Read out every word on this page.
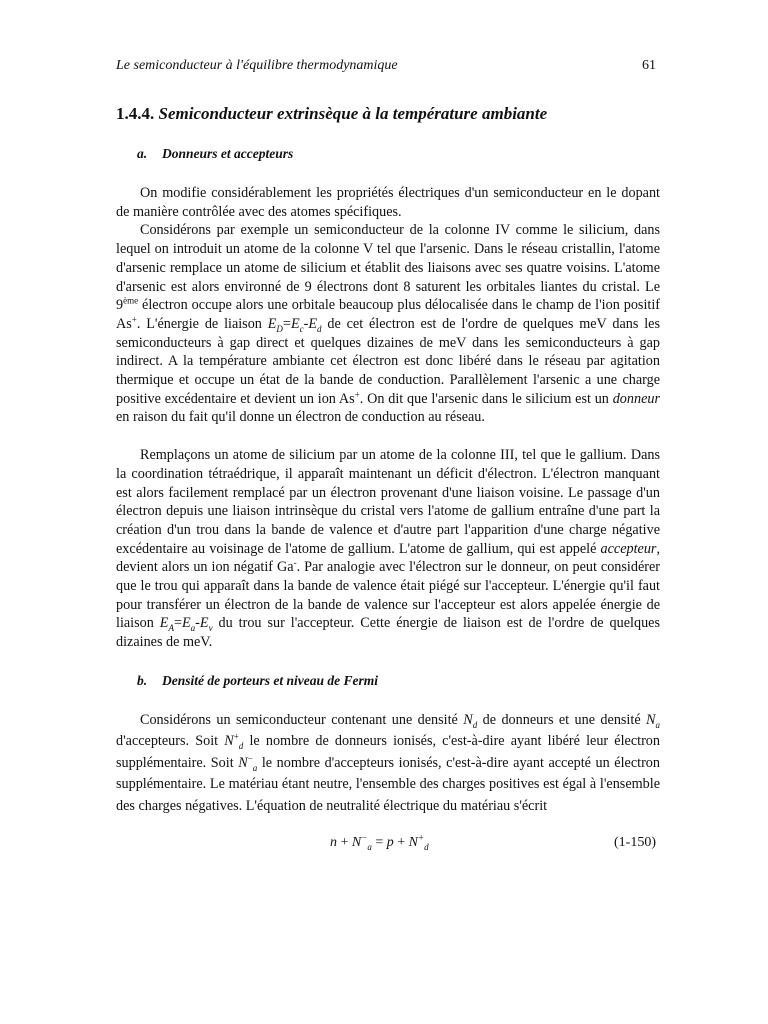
Le semiconducteur à l'équilibre thermodynamique	61
1.4.4. Semiconducteur extrinsèque à la température ambiante
a. Donneurs et accepteurs

On modifie considérablement les propriétés électriques d'un semiconducteur en le dopant de manière contrôlée avec des atomes spécifiques.

Considérons par exemple un semiconducteur de la colonne IV comme le silicium, dans lequel on introduit un atome de la colonne V tel que l'arsenic. Dans le réseau cristallin, l'atome d'arsenic remplace un atome de silicium et établit des liaisons avec ses quatre voisins. L'atome d'arsenic est alors environné de 9 électrons dont 8 saturent les orbitales liantes du cristal. Le 9ème électron occupe alors une orbitale beaucoup plus délocalisée dans le champ de l'ion positif As+. L'énergie de liaison $E_D=E_c-E_d$ de cet électron est de l'ordre de quelques meV dans les semiconducteurs à gap direct et quelques dizaines de meV dans les semiconducteurs à gap indirect. A la température ambiante cet électron est donc libéré dans le réseau par agitation thermique et occupe un état de la bande de conduction. Parallèlement l'arsenic a une charge positive excédentaire et devient un ion As+. On dit que l'arsenic dans le silicium est un donneur en raison du fait qu'il donne un électron de conduction au réseau.

Remplaçons un atome de silicium par un atome de la colonne III, tel que le gallium. Dans la coordination tétraédrique, il apparaît maintenant un déficit d'électron. L'électron manquant est alors facilement remplacé par un électron provenant d'une liaison voisine. Le passage d'un électron depuis une liaison intrinsèque du cristal vers l'atome de gallium entraîne d'une part la création d'un trou dans la bande de valence et d'autre part l'apparition d'une charge négative excédentaire au voisinage de l'atome de gallium. L'atome de gallium, qui est appelé accepteur, devient alors un ion négatif Ga-. Par analogie avec l'électron sur le donneur, on peut considérer que le trou qui apparaît dans la bande de valence était piégé sur l'accepteur. L'énergie qu'il faut pour transférer un électron de la bande de valence sur l'accepteur est alors appelée énergie de liaison $E_A=E_a-E_v$ du trou sur l'accepteur. Cette énergie de liaison est de l'ordre de quelques dizaines de meV.

b. Densité de porteurs et niveau de Fermi

Considérons un semiconducteur contenant une densité $N_d$ de donneurs et une densité $N_a$ d'accepteurs. Soit $N^+_d$ le nombre de donneurs ionisés, c'est-à-dire ayant libéré leur électron supplémentaire. Soit $N^-_a$ le nombre d'accepteurs ionisés, c'est-à-dire ayant accepté un électron supplémentaire. Le matériau étant neutre, l'ensemble des charges positives est égal à l'ensemble des charges négatives. L'équation de neutralité électrique du matériau s'écrit

$n + N^-_a = p + N^+_d$	(1-150)
